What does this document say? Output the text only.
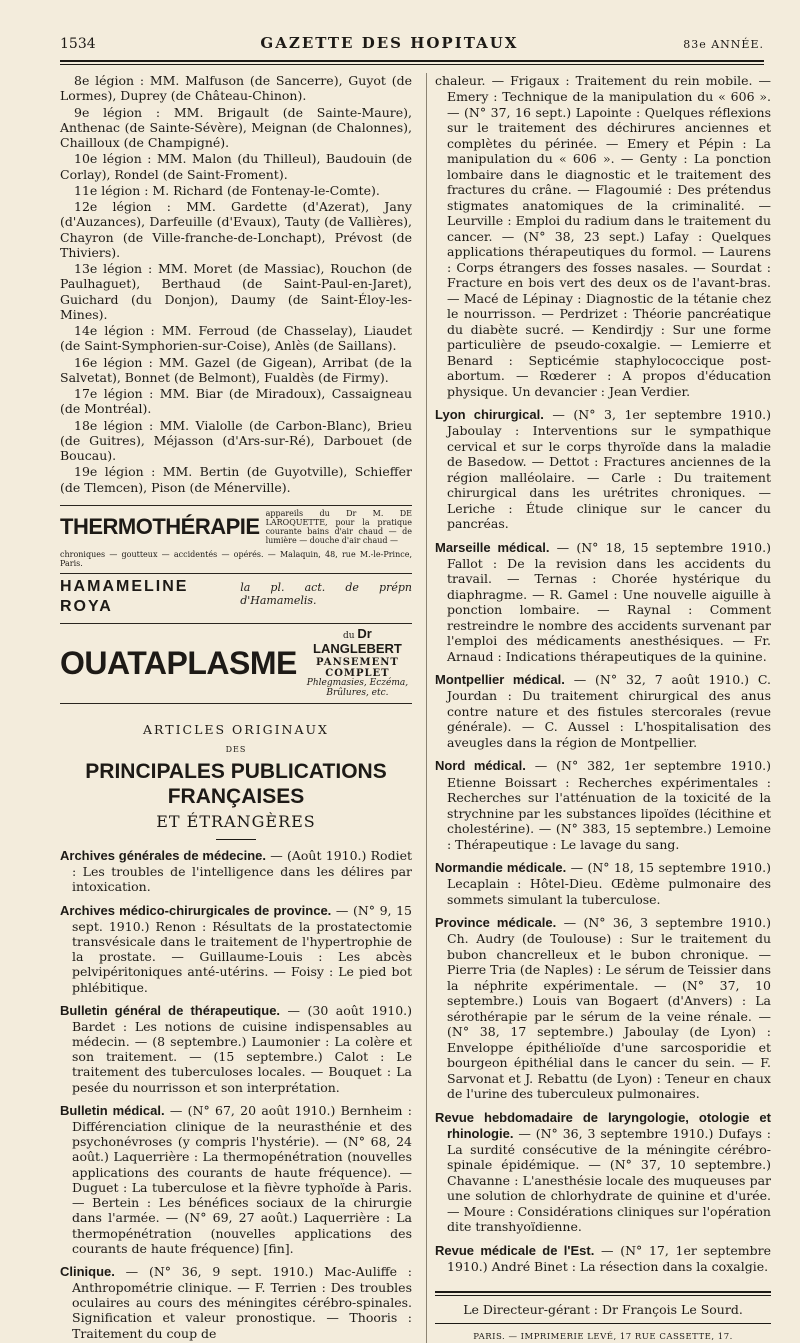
1534	GAZETTE DES HOPITAUX	83e ANNÉE.

8e légion : MM. Malfuson (de Sancerre), Guyot (de Lormes), Duprey (de Château-Chinon).

9e légion : MM. Brigault (de Sainte-Maure), Anthenac (de Sainte-Sévère), Meignan (de Chalonnes), Chailloux (de Champigné).

10e légion : MM. Malon (du Thilleul), Baudouin (de Corlay), Rondel (de Saint-Froment).

11e légion : M. Richard (de Fontenay-le-Comte).

12e légion : MM. Gardette (d'Azerat), Jany (d'Auzances), Darfeuille (d'Evaux), Tauty (de Vallières), Chayron (de Ville-franche-de-Lonchapt), Prévost (de Thiviers).

13e légion : MM. Moret (de Massiac), Rouchon (de Paulhaguet), Berthaud (de Saint-Paul-en-Jaret), Guichard (du Donjon), Daumy (de Saint-Éloy-les-Mines).

14e légion : MM. Ferroud (de Chasselay), Liaudet (de Saint-Symphorien-sur-Coise), Anlès (de Saillans).

16e légion : MM. Gazel (de Gigean), Arribat (de la Salvetat), Bonnet (de Belmont), Fualdès (de Firmy).

17e légion : MM. Biar (de Miradoux), Cassaigneau (de Montréal).

18e légion : MM. Vialolle (de Carbon-Blanc), Brieu (de Guitres), Méjasson (d'Ars-sur-Ré), Darbouet (de Boucau).

19e légion : MM. Bertin (de Guyotville), Schieffer (de Tlemcen), Pison (de Ménerville).

THERMOTHÉRAPIE
appareils du Dr M. DE LAROQUETTE, pour la pratique courante bains d'air chaud — de lumière — douche d'air chaud —
chroniques — goutteux — accidentés — opérés. — Malaquin, 48, rue M.-le-Prince, Paris.
HAMAMELINE ROYA
la pl. act. de prépn d'Hamamelis.
OUATAPLASME
du Dr LANGLEBERT
PANSEMENT COMPLET
Phlegmasies, Eczéma, Brûlures, etc.
ARTICLES ORIGINAUX
DES
PRINCIPALES PUBLICATIONS FRANÇAISES
ET ÉTRANGÈRES

Archives générales de médecine. — (Août 1910.) Rodiet : Les troubles de l'intelligence dans les délires par intoxication.

Archives médico-chirurgicales de province. — (N° 9, 15 sept. 1910.) Renon : Résultats de la prostatectomie transvésicale dans le traitement de l'hypertrophie de la prostate. — Guillaume-Louis : Les abcès pelvipéritoniques anté-utérins. — Foisy : Le pied bot phlébitique.

Bulletin général de thérapeutique. — (30 août 1910.) Bardet : Les notions de cuisine indispensables au médecin. — (8 septembre.) Laumonier : La colère et son traitement. — (15 septembre.) Calot : Le traitement des tuberculoses locales. — Bouquet : La pesée du nourrisson et son interprétation.

Bulletin médical. — (N° 67, 20 août 1910.) Bernheim : Différenciation clinique de la neurasthénie et des psychonévroses (y compris l'hystérie). — (N° 68, 24 août.) Laquerrière : La thermopénétration (nouvelles applications des courants de haute fréquence). — Duguet : La tuberculose et la fièvre typhoïde à Paris. — Bertein : Les bénéfices sociaux de la chirurgie dans l'armée. — (N° 69, 27 août.) Laquerrière : La thermopénétration (nouvelles applications des courants de haute fréquence) [fin].

Clinique. — (N° 36, 9 sept. 1910.) Mac-Auliffe : Anthropométrie clinique. — F. Terrien : Des troubles oculaires au cours des méningites cérébro-spinales. Signification et valeur pronostique. — Thooris : Traitement du coup de

chaleur. — Frigaux : Traitement du rein mobile. — Emery : Technique de la manipulation du « 606 ». — (N° 37, 16 sept.) Lapointe : Quelques réflexions sur le traitement des déchirures anciennes et complètes du périnée. — Emery et Pépin : La manipulation du « 606 ». — Genty : La ponction lombaire dans le diagnostic et le traitement des fractures du crâne. — Flagoumié : Des prétendus stigmates anatomiques de la criminalité. — Leurville : Emploi du radium dans le traitement du cancer. — (N° 38, 23 sept.) Lafay : Quelques applications thérapeutiques du formol. — Laurens : Corps étrangers des fosses nasales. — Sourdat : Fracture en bois vert des deux os de l'avant-bras. — Macé de Lépinay : Diagnostic de la tétanie chez le nourrisson. — Perdrizet : Théorie pancréatique du diabète sucré. — Kendirdjy : Sur une forme particulière de pseudo-coxalgie. — Lemierre et Benard : Septicémie staphylococcique post-abortum. — Rœderer : A propos d'éducation physique. Un devancier : Jean Verdier.

Lyon chirurgical. — (N° 3, 1er septembre 1910.) Jaboulay : Interventions sur le sympathique cervical et sur le corps thyroïde dans la maladie de Basedow. — Dettot : Fractures anciennes de la région malléolaire. — Carle : Du traitement chirurgical dans les urétrites chroniques. — Leriche : Étude clinique sur le cancer du pancréas.

Marseille médical. — (N° 18, 15 septembre 1910.) Fallot : De la revision dans les accidents du travail. — Ternas : Chorée hystérique du diaphragme. — R. Gamel : Une nouvelle aiguille à ponction lombaire. — Raynal : Comment restreindre le nombre des accidents survenant par l'emploi des médicaments anesthésiques. — Fr. Arnaud : Indications thérapeutiques de la quinine.

Montpellier médical. — (N° 32, 7 août 1910.) C. Jourdan : Du traitement chirurgical des anus contre nature et des fistules stercorales (revue générale). — C. Aussel : L'hospitalisation des aveugles dans la région de Montpellier.

Nord médical. — (N° 382, 1er septembre 1910.) Etienne Boissart : Recherches expérimentales : Recherches sur l'atténuation de la toxicité de la strychnine par les substances lipoïdes (lécithine et cholestérine). — (N° 383, 15 septembre.) Lemoine : Thérapeutique : Le lavage du sang.

Normandie médicale. — (N° 18, 15 septembre 1910.) Lecaplain : Hôtel-Dieu. Œdème pulmonaire des sommets simulant la tuberculose.

Province médicale. — (N° 36, 3 septembre 1910.) Ch. Audry (de Toulouse) : Sur le traitement du bubon chancrelleux et le bubon chronique. — Pierre Tria (de Naples) : Le sérum de Teissier dans la néphrite expérimentale. — (N° 37, 10 septembre.) Louis van Bogaert (d'Anvers) : La sérothérapie par le sérum de la veine rénale. — (N° 38, 17 septembre.) Jaboulay (de Lyon) : Enveloppe épithélioïde d'une sarcosporidie et bourgeon épithélial dans le cancer du sein. — F. Sarvonat et J. Rebattu (de Lyon) : Teneur en chaux de l'urine des tuberculeux pulmonaires.

Revue hebdomadaire de laryngologie, otologie et rhinologie. — (N° 36, 3 septembre 1910.) Dufays : La surdité consécutive de la méningite cérébro-spinale épidémique. — (N° 37, 10 septembre.) Chavanne : L'anesthésie locale des muqueuses par une solution de chlorhydrate de quinine et d'urée. — Moure : Considérations cliniques sur l'opération dite transhyoïdienne.

Revue médicale de l'Est. — (N° 17, 1er septembre 1910.) André Binet : La résection dans la coxalgie.

Le Directeur-gérant : Dr François Le Sourd.
PARIS. — IMPRIMERIE LEVÉ, 17 RUE CASSETTE, 17.
